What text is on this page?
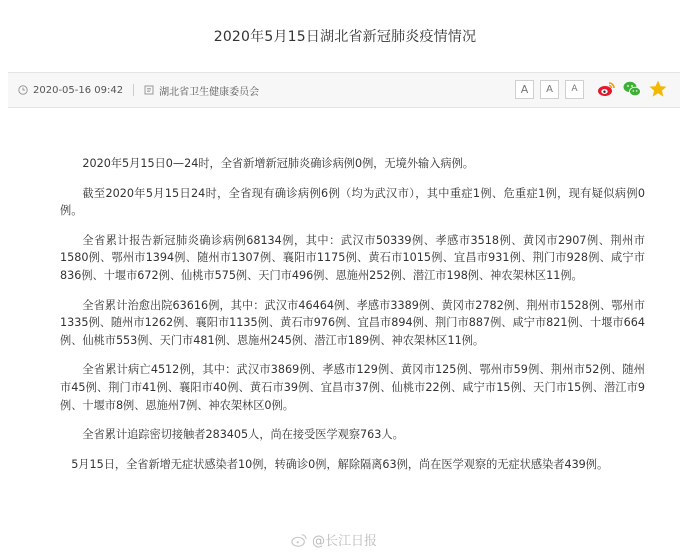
2020年5月15日湖北省新冠肺炎疫情情况
2020-05-16 09:42	湖北省卫生健康委员会	A	A	A

2020年5月15日0—24时，全省新增新冠肺炎确诊病例0例，无境外输入病例。

截至2020年5月15日24时，全省现有确诊病例6例（均为武汉市），其中重症1例、危重症1例，现有疑似病例0例。

全省累计报告新冠肺炎确诊病例68134例，其中：武汉市50339例、孝感市3518例、黄冈市2907例、荆州市1580例、鄂州市1394例、随州市1307例、襄阳市1175例、黄石市1015例、宜昌市931例、荆门市928例、咸宁市836例、十堰市672例、仙桃市575例、天门市496例、恩施州252例、潜江市198例、神农架林区11例。

全省累计治愈出院63616例，其中：武汉市46464例、孝感市3389例、黄冈市2782例、荆州市1528例、鄂州市1335例、随州市1262例、襄阳市1135例、黄石市976例、宜昌市894例、荆门市887例、咸宁市821例、十堰市664例、仙桃市553例、天门市481例、恩施州245例、潜江市189例、神农架林区11例。

全省累计病亡4512例，其中：武汉市3869例、孝感市129例、黄冈市125例、鄂州市59例、荆州市52例、随州市45例、荆门市41例、襄阳市40例、黄石市39例、宜昌市37例、仙桃市22例、咸宁市15例、天门市15例、潜江市9例、十堰市8例、恩施州7例、神农架林区0例。

全省累计追踪密切接触者283405人，尚在接受医学观察763人。

5月15日，全省新增无症状感染者10例，转确诊0例，解除隔离63例，尚在医学观察的无症状感染者439例。

@长江日报
